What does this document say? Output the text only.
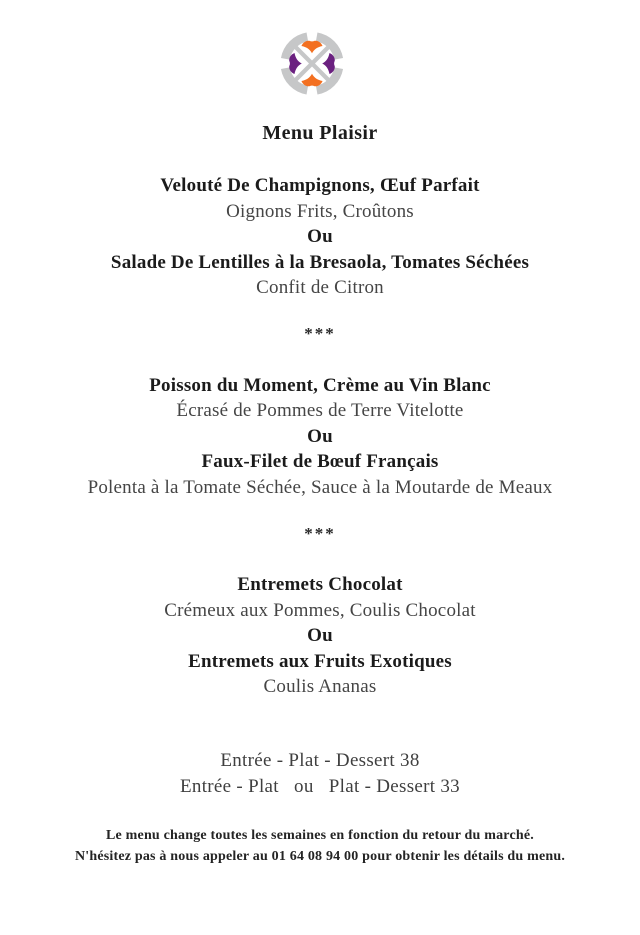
Menu Plaisir

Velouté De Champignons, Œuf Parfait

Oignons Frits, Croûtons

Ou

Salade De Lentilles à la Bresaola, Tomates Séchées

Confit de Citron

***

Poisson du Moment, Crème au Vin Blanc

Écrasé de Pommes de Terre Vitelotte

Ou

Faux-Filet de Bœuf Français

Polenta à la Tomate Séchée, Sauce à la Moutarde de Meaux

***

Entremets Chocolat

Crémeux aux Pommes, Coulis Chocolat

Ou

Entremets aux Fruits Exotiques

Coulis Ananas

Entrée - Plat - Dessert 38

Entrée - Plat   ou   Plat - Dessert 33

Le menu change toutes les semaines en fonction du retour du marché.

N'hésitez pas à nous appeler au 01 64 08 94 00 pour obtenir les détails du menu.
